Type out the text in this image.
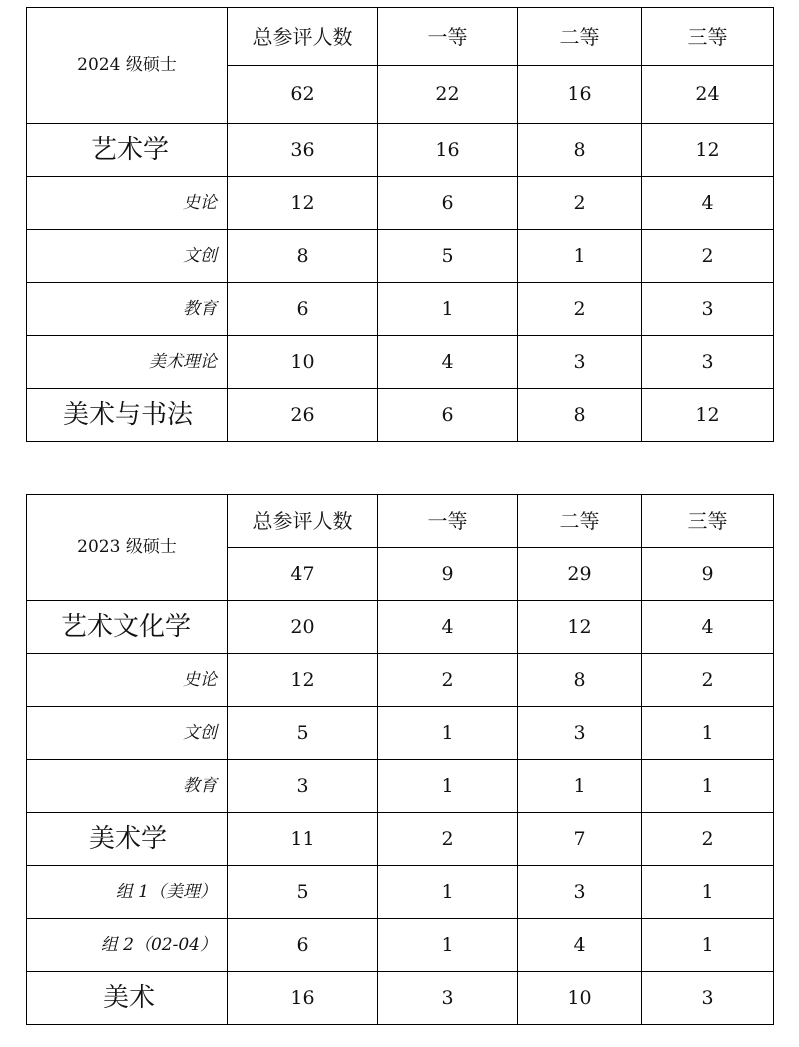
2024 级硕士	总参评人数	一等	二等	三等
	62	22	16	24
艺术学	36	16	8	12
史论	12	6	2	4
文创	8	5	1	2
教育	6	1	2	3
美术理论	10	4	3	3
美术与书法	26	6	8	12
2023 级硕士	总参评人数	一等	二等	三等
	47	9	29	9
艺术文化学	20	4	12	4
史论	12	2	8	2
文创	5	1	3	1
教育	3	1	1	1
美术学	11	2	7	2
组 1（美理）	5	1	3	1
组 2（02-04）	6	1	4	1
美术	16	3	10	3
